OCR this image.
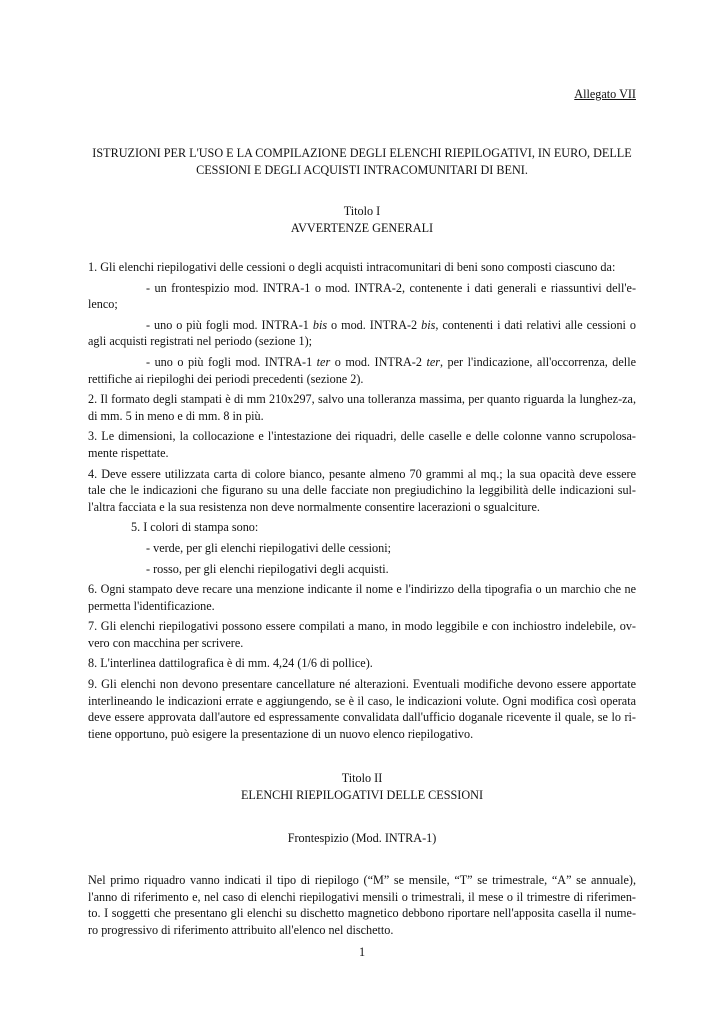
Allegato VII
ISTRUZIONI PER L'USO E LA COMPILAZIONE DEGLI ELENCHI RIEPILOGATIVI, IN EURO, DELLE
CESSIONI E DEGLI ACQUISTI INTRACOMUNITARI DI BENI.
Titolo I
AVVERTENZE GENERALI

1. Gli elenchi riepilogativi delle cessioni o degli acquisti intracomunitari di beni sono composti ciascuno da:

- un frontespizio mod. INTRA-1 o mod. INTRA-2, contenente i dati generali e riassuntivi dell'e-lenco;

- uno o più fogli mod. INTRA-1 bis o mod. INTRA-2 bis, contenenti i dati relativi alle cessioni o agli acquisti registrati nel periodo (sezione 1);

- uno o più fogli mod. INTRA-1 ter o mod. INTRA-2 ter, per l'indicazione, all'occorrenza, delle rettifiche ai riepiloghi dei periodi precedenti (sezione 2).

2. Il formato degli stampati è di mm 210x297, salvo una tolleranza massima, per quanto riguarda la lunghez-za, di mm. 5 in meno e di mm. 8 in più.

3. Le dimensioni, la collocazione e l'intestazione dei riquadri, delle caselle e delle colonne vanno scrupolosa-mente rispettate.

4. Deve essere utilizzata carta di colore bianco, pesante almeno 70 grammi al mq.; la sua opacità deve essere tale che le indicazioni che figurano su una delle facciate non pregiudichino la leggibilità delle indicazioni sul-l'altra facciata e la sua resistenza non deve normalmente consentire lacerazioni o sgualciture.

5. I colori di stampa sono:

- verde, per gli elenchi riepilogativi delle cessioni;

- rosso, per gli elenchi riepilogativi degli acquisti.

6. Ogni stampato deve recare una menzione indicante il nome e l'indirizzo della tipografia o un marchio che ne permetta l'identificazione.

7. Gli elenchi riepilogativi possono essere compilati a mano, in modo leggibile e con inchiostro indelebile, ov-vero con macchina per scrivere.

8. L'interlinea dattilografica è di mm. 4,24 (1/6 di pollice).

9. Gli elenchi non devono presentare cancellature né alterazioni. Eventuali modifiche devono essere apportate interlineando le indicazioni errate e aggiungendo, se è il caso, le indicazioni volute. Ogni modifica così operata deve essere approvata dall'autore ed espressamente convalidata dall'ufficio doganale ricevente il quale, se lo ri-tiene opportuno, può esigere la presentazione di un nuovo elenco riepilogativo.

Titolo II
ELENCHI RIEPILOGATIVI DELLE CESSIONI
Frontespizio (Mod. INTRA-1)

Nel primo riquadro vanno indicati il tipo di riepilogo (“M” se mensile, “T” se trimestrale, “A” se annuale), l'anno di riferimento e, nel caso di elenchi riepilogativi mensili o trimestrali, il mese o il trimestre di riferimen-to. I soggetti che presentano gli elenchi su dischetto magnetico debbono riportare nell'apposita casella il nume-ro progressivo di riferimento attribuito all'elenco nel dischetto.

1
